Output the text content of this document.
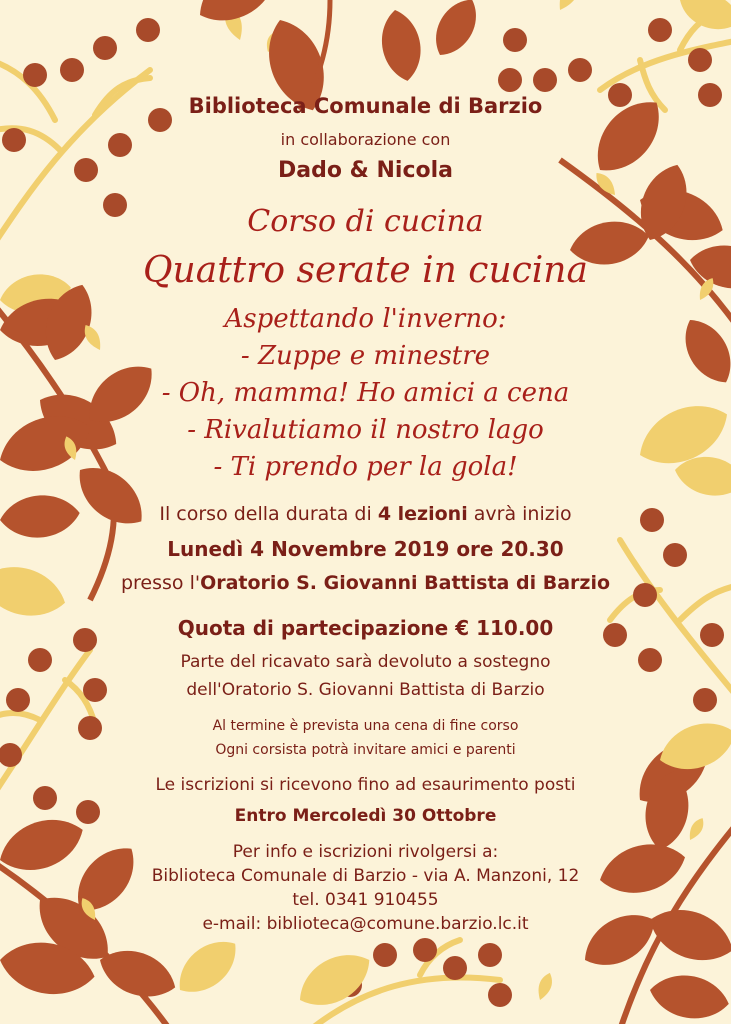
Biblioteca Comunale di Barzio
in collaborazione con
Dado & Nicola
Corso di cucina
Quattro serate in cucina
Aspettando l'inverno:
- Zuppe e minestre
- Oh, mamma! Ho amici a cena
- Rivalutiamo il nostro lago
- Ti prendo per la gola!
Il corso della durata di 4 lezioni avrà inizio
Lunedì 4 Novembre 2019 ore 20.30
presso l'Oratorio S. Giovanni Battista di Barzio
Quota di partecipazione € 110.00
Parte del ricavato sarà devoluto a sostegno
dell'Oratorio S. Giovanni Battista di Barzio
Al termine è prevista una cena di fine corso
Ogni corsista potrà invitare amici e parenti
Le iscrizioni si ricevono fino ad esaurimento posti
Entro Mercoledì 30 Ottobre
Per info e iscrizioni rivolgersi a:
Biblioteca Comunale di Barzio - via A. Manzoni, 12
tel. 0341 910455
e-mail: biblioteca@comune.barzio.lc.it
